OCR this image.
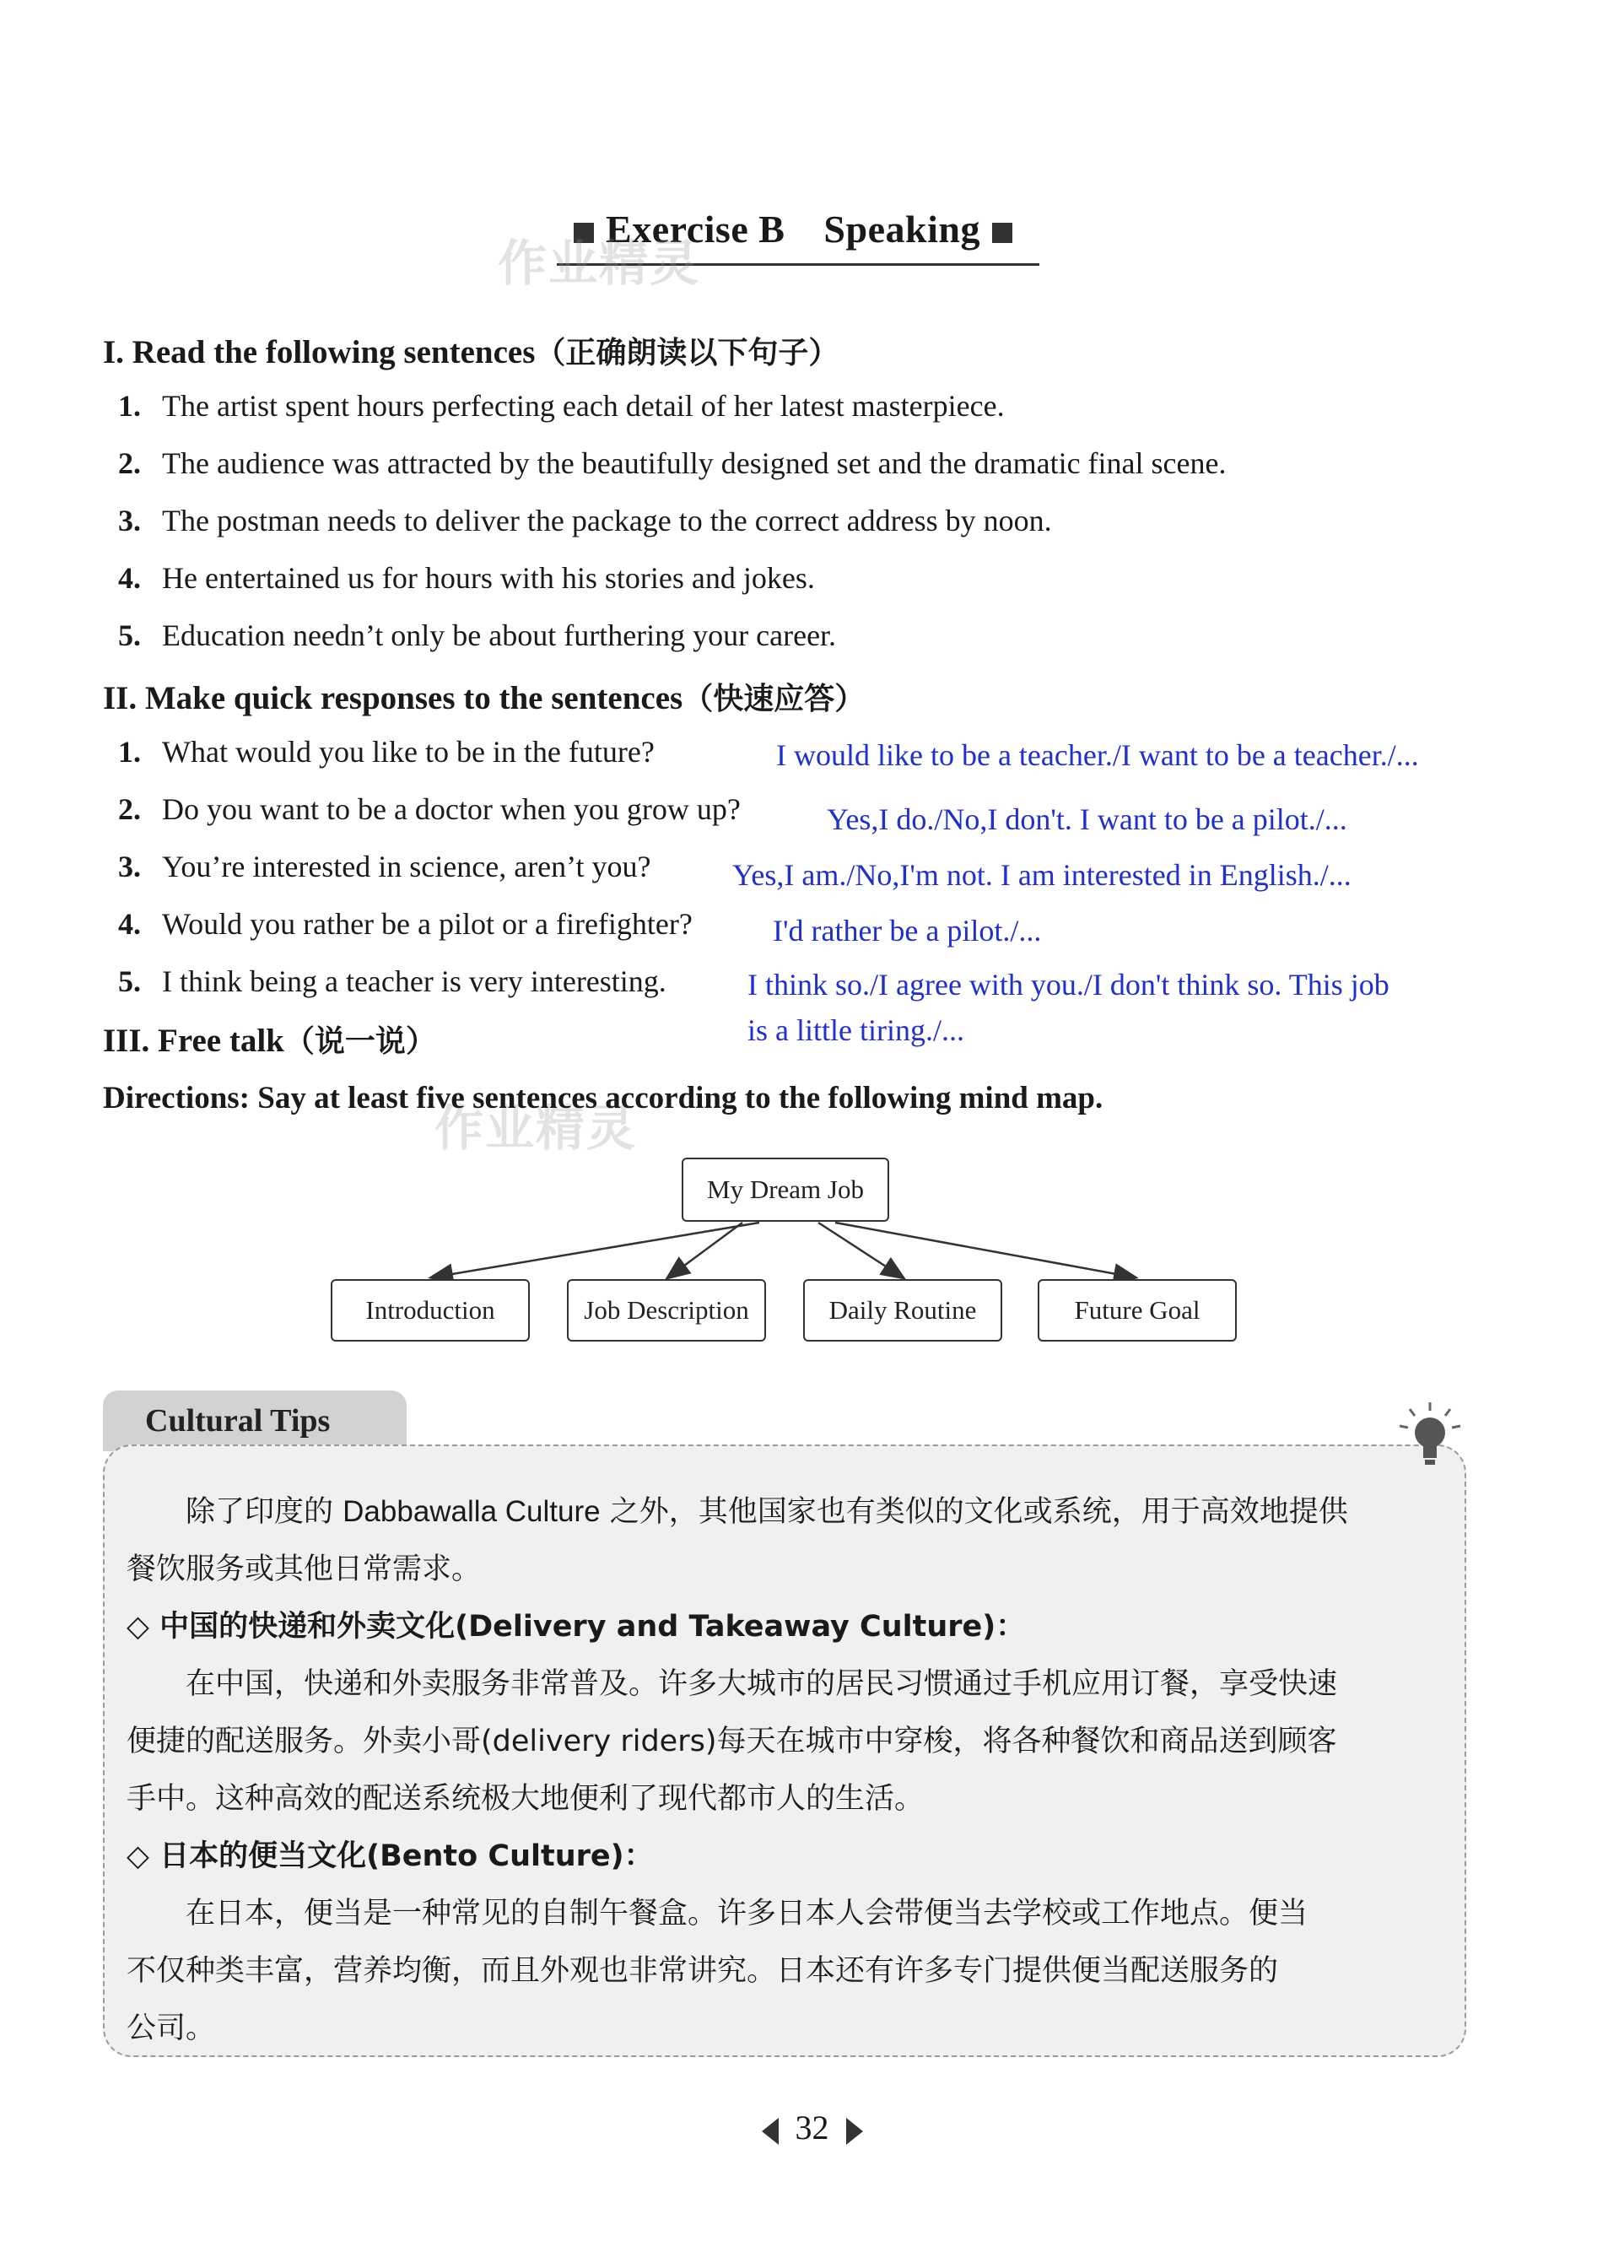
Exercise B Speaking
作业精灵
作业精灵
I. Read the following sentences（正确朗读以下句子）
1. The artist spent hours perfecting each detail of her latest masterpiece.
2. The audience was attracted by the beautifully designed set and the dramatic final scene.
3. The postman needs to deliver the package to the correct address by noon.
4. He entertained us for hours with his stories and jokes.
5. Education needn’t only be about furthering your career.
II. Make quick responses to the sentences（快速应答）
1. What would you like to be in the future?	I would like to be a teacher./I want to be a teacher./...
2. Do you want to be a doctor when you grow up?	Yes,I do./No,I don't. I want to be a pilot./...
3. You’re interested in science, aren’t you?	Yes,I am./No,I'm not. I am interested in English./...
4. Would you rather be a pilot or a firefighter?	I'd rather be a pilot./...
5. I think being a teacher is very interesting.	I think so./I agree with you./I don't think so. This job
is a little tiring./...
III. Free talk（说一说）
Directions: Say at least five sentences according to the following mind map.
My Dream Job
Introduction	Job Description	Daily Routine	Future Goal
Cultural Tips
除了印度的 Dabbawalla Culture 之外，其他国家也有类似的文化或系统，用于高效地提供
餐饮服务或其他日常需求。
◇ 中国的快递和外卖文化(Delivery and Takeaway Culture)：
在中国，快递和外卖服务非常普及。许多大城市的居民习惯通过手机应用订餐，享受快速
便捷的配送服务。外卖小哥(delivery riders)每天在城市中穿梭，将各种餐饮和商品送到顾客
手中。这种高效的配送系统极大地便利了现代都市人的生活。
◇ 日本的便当文化(Bento Culture)：
在日本，便当是一种常见的自制午餐盒。许多日本人会带便当去学校或工作地点。便当
不仅种类丰富，营养均衡，而且外观也非常讲究。日本还有许多专门提供便当配送服务的
公司。
32
